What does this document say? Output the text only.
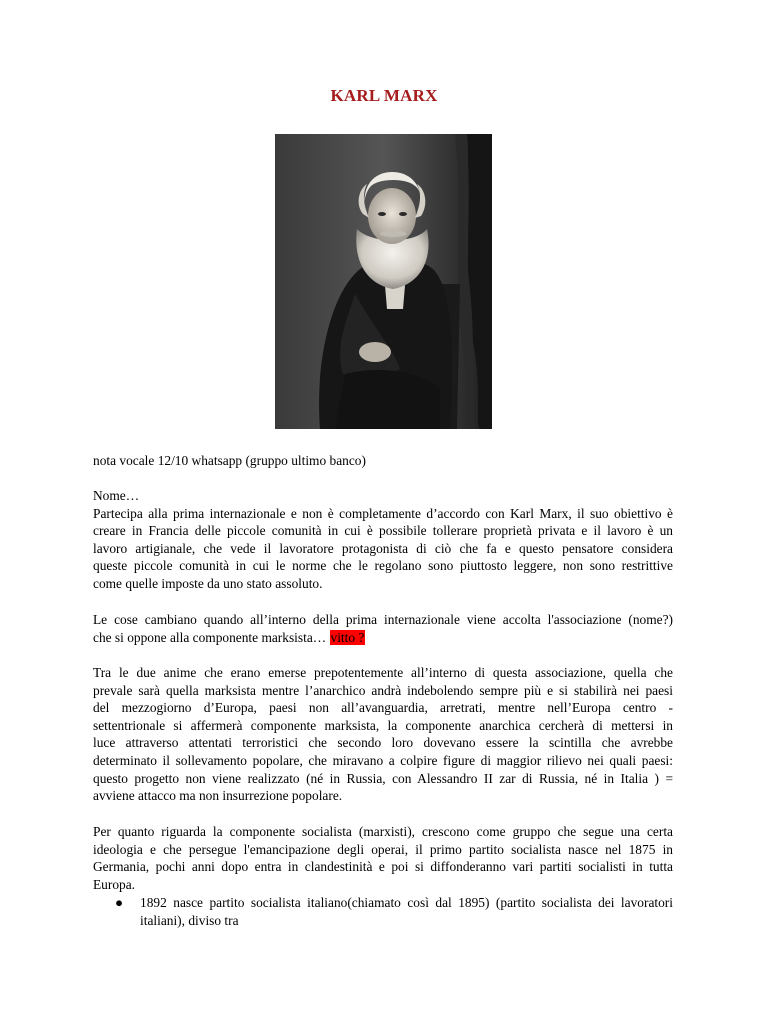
KARL MARX
nota vocale 12/10 whatsapp (gruppo ultimo banco)
Nome…
Partecipa alla prima internazionale e non è completamente d’accordo con Karl Marx, il suo obiettivo è
creare in Francia delle piccole comunità in cui è possibile tollerare proprietà privata e il lavoro è un
lavoro artigianale, che vede il lavoratore protagonista di ciò che fa e questo pensatore considera
queste piccole comunità in cui le norme che le regolano sono piuttosto leggere, non sono restrittive
come quelle imposte da uno stato assoluto.
Le cose cambiano quando all’interno della prima internazionale viene accolta l'associazione (nome?)
che si oppone alla componente marksista… vitto ?
Tra le due anime che erano emerse prepotentemente all’interno di questa associazione, quella che
prevale sarà quella marksista mentre l’anarchico andrà indebolendo sempre più e si stabilirà nei paesi
del mezzogiorno d’Europa, paesi non all’avanguardia, arretrati, mentre nell’Europa centro -
settentrionale si affermerà componente marksista, la componente anarchica cercherà di mettersi in
luce attraverso attentati terroristici che secondo loro dovevano essere la scintilla che avrebbe
determinato il sollevamento popolare, che miravano a colpire figure di maggior rilievo nei quali paesi:
questo progetto non viene realizzato (né in Russia, con Alessandro II zar di Russia, né in Italia ) =
avviene attacco ma non insurrezione popolare.
Per quanto riguarda la componente socialista (marxisti), crescono come gruppo che segue una certa
ideologia e che persegue l'emancipazione degli operai, il primo partito socialista nasce nel 1875 in
Germania, pochi anni dopo entra in clandestinità e poi si diffonderanno vari partiti socialisti in tutta
Europa.
● 1892 nasce partito socialista italiano(chiamato così dal 1895) (partito socialista dei lavoratori
italiani), diviso tra
